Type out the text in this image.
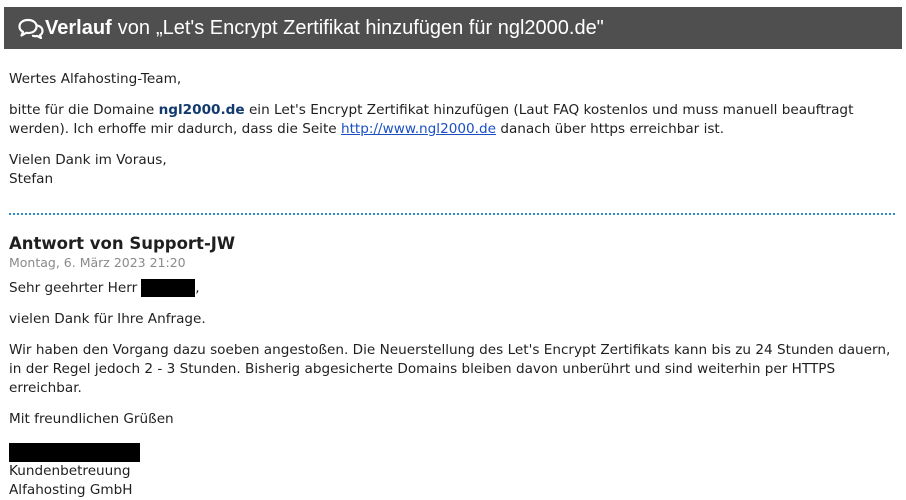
Verlauf von „Let's Encrypt Zertifikat hinzufügen für ngl2000.de"

Wertes Alfahosting-Team,

bitte für die Domaine ngl2000.de ein Let's Encrypt Zertifikat hinzufügen (Laut FAQ kostenlos und muss manuell beauftragt werden). Ich erhoffe mir dadurch, dass die Seite http://www.ngl2000.de danach über https erreichbar ist.

Vielen Dank im Voraus,

Stefan

Antwort von Support-JW
Montag, 6. März 2023 21:20

Sehr geehrter Herr	,

vielen Dank für Ihre Anfrage.

Wir haben den Vorgang dazu soeben angestoßen. Die Neuerstellung des Let's Encrypt Zertifikats kann bis zu 24 Stunden dauern, in der Regel jedoch 2 - 3 Stunden. Bisherig abgesicherte Domains bleiben davon unberührt und sind weiterhin per HTTPS erreichbar.

Mit freundlichen Grüßen

Kundenbetreuung

Alfahosting GmbH
